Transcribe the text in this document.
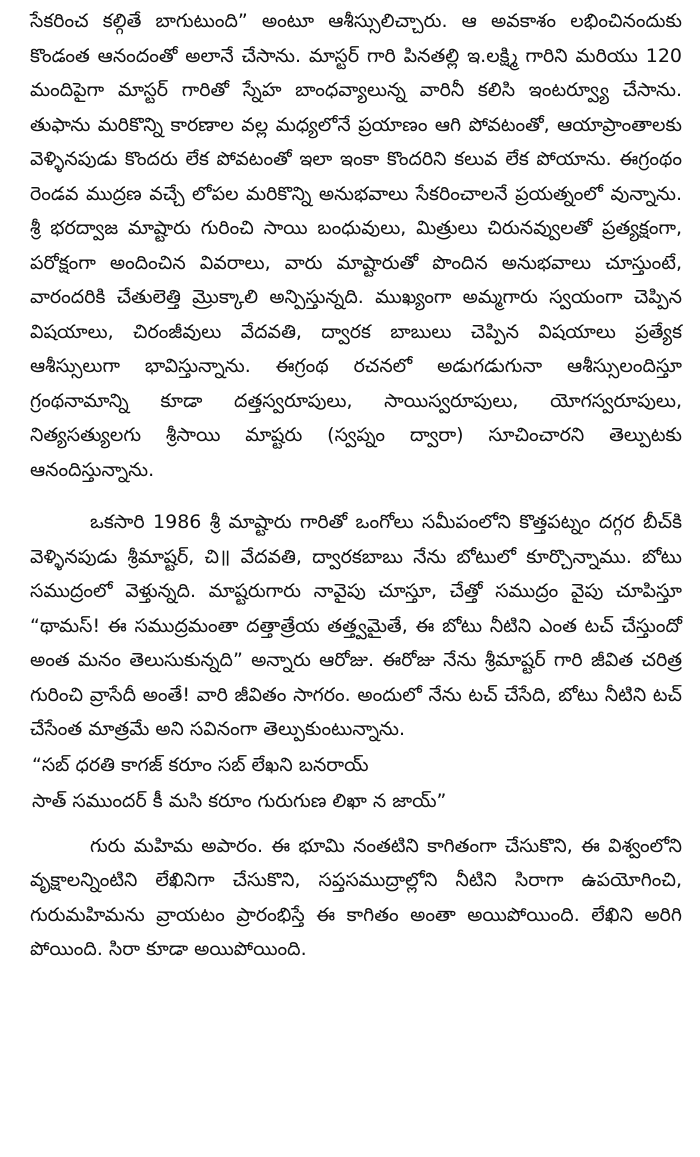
సేకరించ కల్గితే బాగుటుంది” అంటూ ఆశీస్సులిచ్చారు. ఆ అవకాశం లభించినందుకు కొండంత ఆనందంతో అలానే చేసాను. మాస్టర్ గారి పినతల్లి ఇ.లక్ష్మి గారిని మరియు 120 మందిపైగా మాస్టర్ గారితో స్నేహ బాంధవ్యాలున్న వారినీ కలిసి ఇంటర్వ్యూ చేసాను. తుఫాను మరికొన్ని కారణాల వల్ల మధ్యలోనే ప్రయాణం ఆగి పోవటంతో, ఆయాప్రాంతాలకు వెళ్ళినపుడు కొందరు లేక పోవటంతో ఇలా ఇంకా కొందరిని కలువ లేక పోయాను. ఈగ్రంథం రెండవ ముద్రణ వచ్చే లోపల మరికొన్ని అనుభవాలు సేకరించాలనే ప్రయత్నంలో వున్నాను. శ్రీ భరద్వాజ మాష్టారు గురించి సాయి బంధువులు, మిత్రులు చిరునవ్వులతో ప్రత్యక్షంగా, పరోక్షంగా అందించిన వివరాలు, వారు మాష్టారుతో పొందిన అనుభవాలు చూస్తుంటే, వారందరికి చేతులెత్తి మ్రొక్కాలి అన్పిస్తున్నది. ముఖ్యంగా అమ్మగారు స్వయంగా చెప్పిన విషయాలు, చిరంజీవులు వేదవతి, ద్వారక బాబులు చెప్పిన విషయాలు ప్రత్యేక ఆశీస్సులుగా భావిస్తున్నాను. ఈగ్రంథ రచనలో అడుగడుగునా ఆశీస్సులందిస్తూ గ్రంథనామాన్ని కూడా దత్తస్వరూపులు, సాయిస్వరూపులు, యోగస్వరూపులు, నిత్యసత్యులగు శ్రీసాయి మాష్టరు (స్వప్నం ద్వారా) సూచించారని తెల్పుటకు ఆనందిస్తున్నాను.

ఒకసారి 1986 శ్రీ మాష్టారు గారితో ఒంగోలు సమీపంలోని కొత్తపట్నం దగ్గర బీచ్‌కి వెళ్ళినపుడు శ్రీమాష్టర్, చి॥ వేదవతి, ద్వారకబాబు నేను బోటులో కూర్చొన్నాము. బోటు సముద్రంలో వెళ్తున్నది. మాష్టరుగారు నావైపు చూస్తూ, చేత్తో సముద్రం వైపు చూపిస్తూ “థామస్! ఈ సముద్రమంతా దత్తాత్రేయ తత్త్వమైతే, ఈ బోటు నీటిని ఎంత టచ్ చేస్తుందో అంత మనం తెలుసుకున్నది” అన్నారు ఆరోజు. ఈరోజు నేను శ్రీమాష్టర్ గారి జీవిత చరిత్ర గురించి వ్రాసేదీ అంతే! వారి జీవితం సాగరం. అందులో నేను టచ్ చేసేది, బోటు నీటిని టచ్ చేసేంత మాత్రమే అని సవినంగా తెల్పుకుంటున్నాను.

“సబ్ ధరతి కాగజ్ కరూం సబ్ లేఖని బనరాయ్
సాత్ సముందర్ కీ మసి కరూం గురుగుణ లిఖా న జాయ్”

గురు మహిమ అపారం. ఈ భూమి నంతటిని కాగితంగా చేసుకొని, ఈ విశ్వంలోని వృక్షాలన్నింటిని లేఖినిగా చేసుకొని, సప్తసముద్రాల్లోని నీటిని సిరాగా ఉపయోగించి, గురుమహిమను వ్రాయటం ప్రారంభిస్తే ఈ కాగితం అంతా అయిపోయింది. లేఖిని అరిగి పోయింది. సిరా కూడా అయిపోయింది.
